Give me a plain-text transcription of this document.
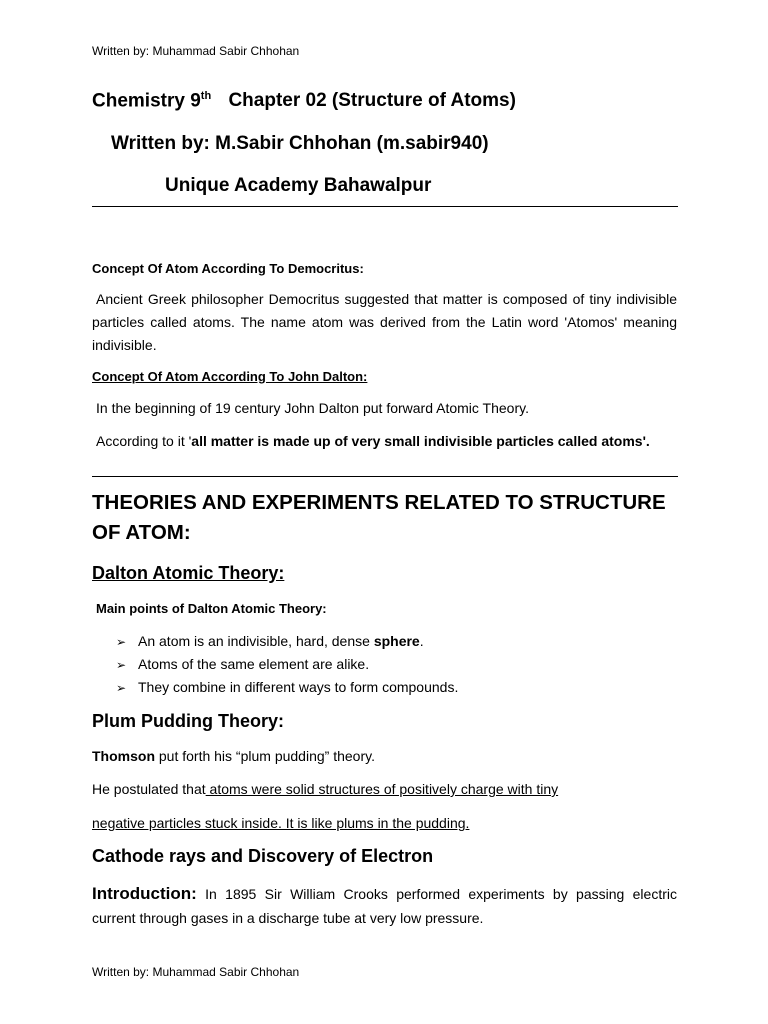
Written by: Muhammad Sabir Chhohan
Chemistry 9th Chapter 02 (Structure of Atoms)
Written by: M.Sabir Chhohan (m.sabir940)
Unique Academy Bahawalpur
Concept Of Atom According To Democritus:
Ancient Greek philosopher Democritus suggested that matter is composed of tiny indivisible particles called atoms. The name atom was derived from the Latin word 'Atomos' meaning indivisible.
Concept Of Atom According To John Dalton:
In the beginning of 19 century John Dalton put forward Atomic Theory.
According to it 'all matter is made up of very small indivisible particles called atoms'.
THEORIES AND EXPERIMENTS RELATED TO STRUCTURE OF ATOM:
Dalton Atomic Theory:
Main points of Dalton Atomic Theory:
➢ An atom is an indivisible, hard, dense sphere.
➢ Atoms of the same element are alike.
➢ They combine in different ways to form compounds.
Plum Pudding Theory:
Thomson put forth his “plum pudding” theory.
He postulated that atoms were solid structures of positively charge with tiny
negative particles stuck inside. It is like plums in the pudding.
Cathode rays and Discovery of Electron
Introduction: In 1895 Sir William Crooks performed experiments by passing electric current through gases in a discharge tube at very low pressure.
Written by: Muhammad Sabir Chhohan
